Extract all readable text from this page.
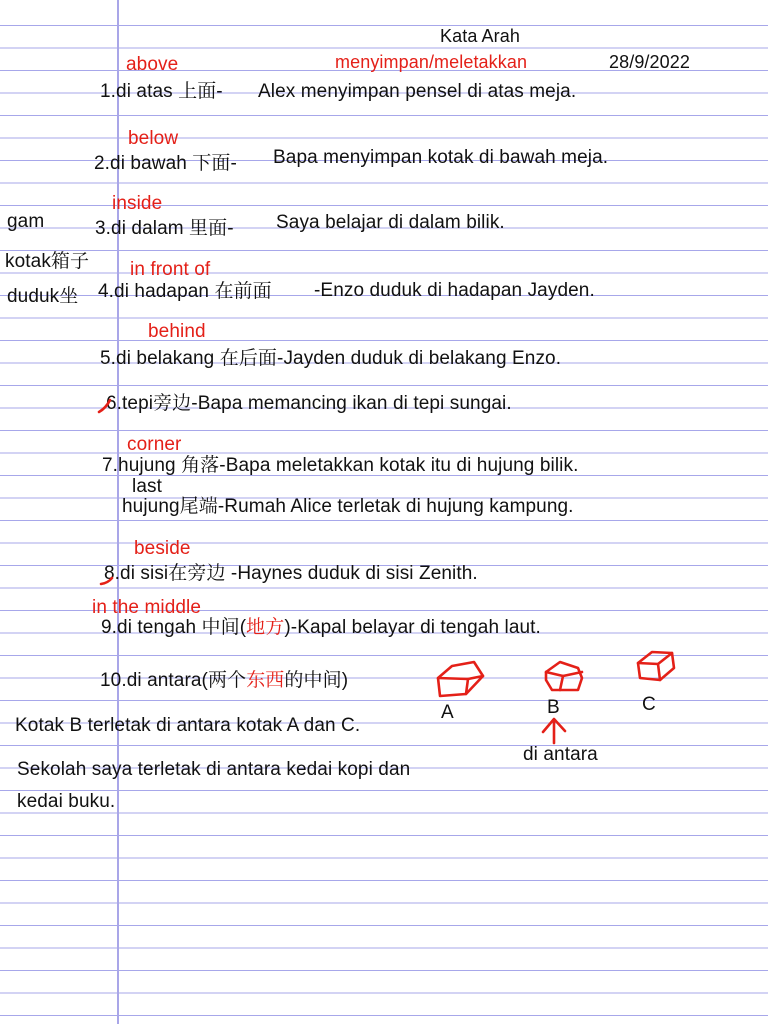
Kata Arah
menyimpan/meletakkan	28/9/2022
gam
kotak箱子
duduk坐
above
1.di atas 上面- Alex menyimpan pensel di atas meja.
below
2.di bawah 下面- Bapa menyimpan kotak di bawah meja.
inside
3.di dalam 里面- Saya belajar di dalam bilik.
in front of
4.di hadapan 在前面 -Enzo duduk di hadapan Jayden.
behind
5.di belakang 在后面-Jayden duduk di belakang Enzo.
6.tepi旁边-Bapa memancing ikan di tepi sungai.
corner
7.hujung 角落-Bapa meletakkan kotak itu di hujung bilik.
last
hujung尾端-Rumah Alice terletak di hujung kampung.
beside
8.di sisi在旁边 -Haynes duduk di sisi Zenith.
in the middle
9.di tengah 中间(地方)-Kapal belayar di tengah laut.
10.di antara(两个东西的中间)
A	B	C
di antara
Kotak B terletak di antara kotak A dan C.
Sekolah saya terletak di antara kedai kopi dan
kedai buku.
